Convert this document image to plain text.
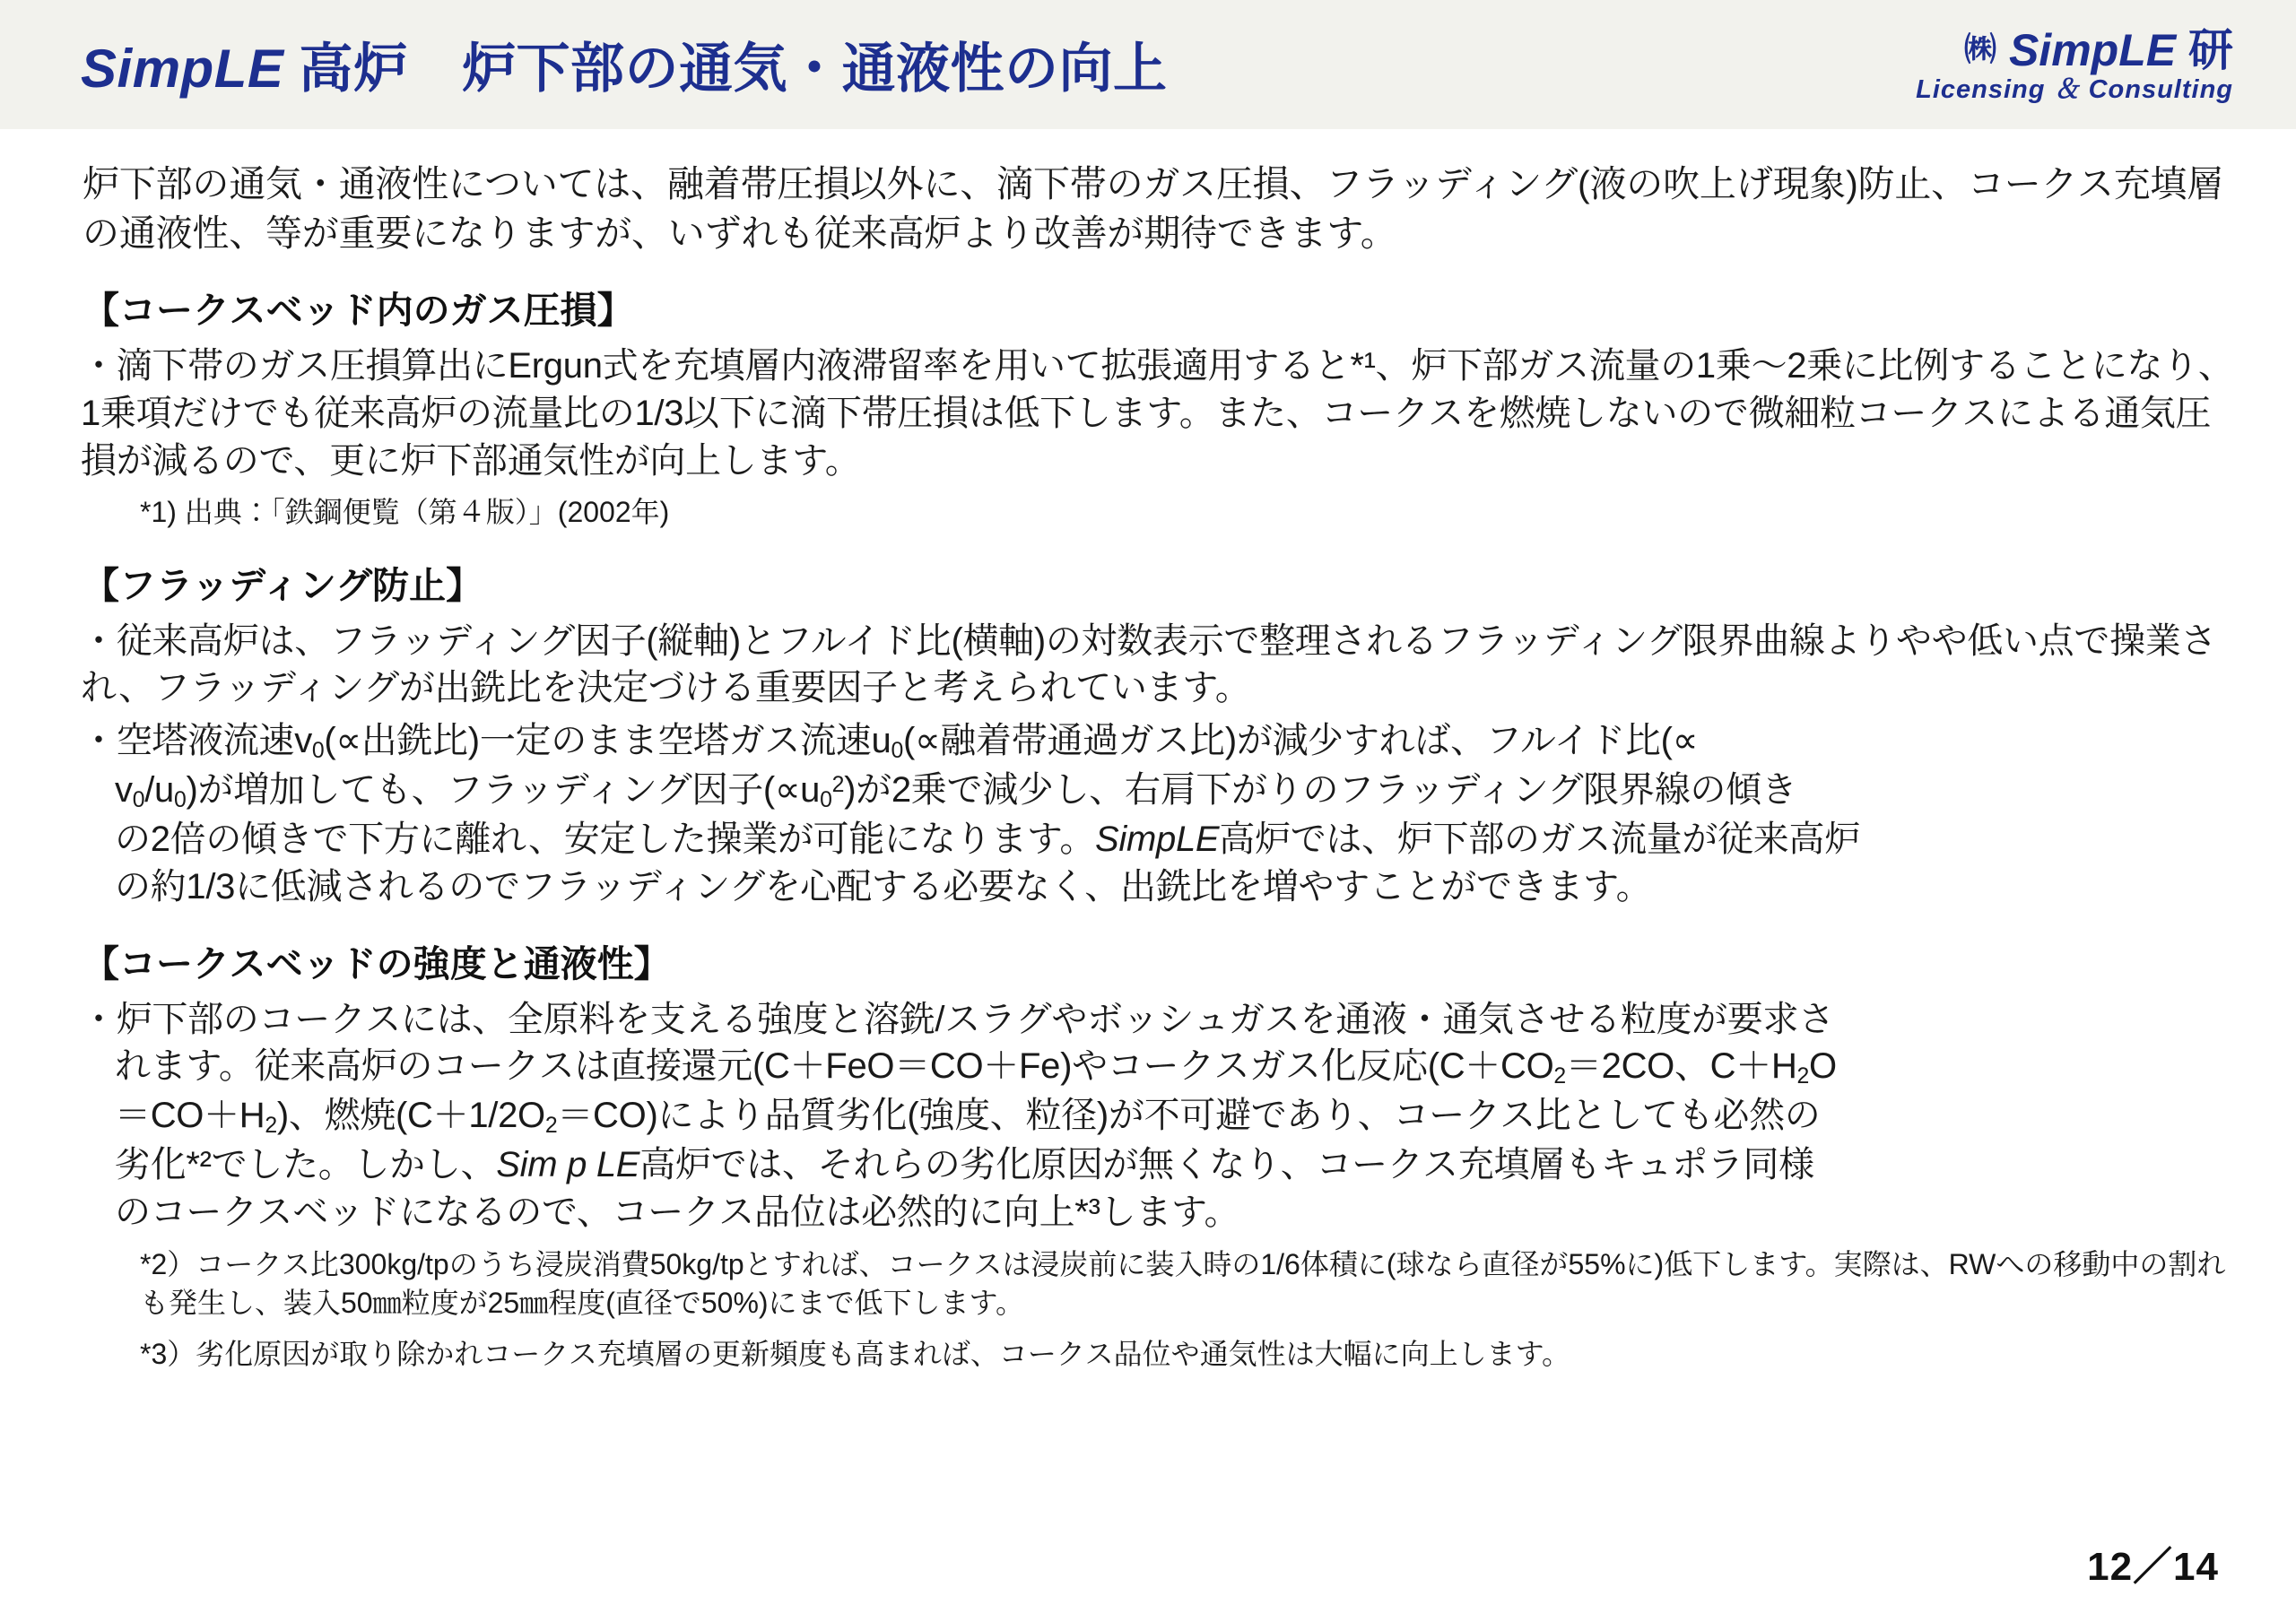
SimpLE 高炉　炉下部の通気・通液性の向上	㈱ SimpLE 研
Licensing ＆ Consulting
炉下部の通気・通液性については、融着帯圧損以外に、滴下帯のガス圧損、フラッディング(液の吹上げ現象)防止、コークス充填層の通液性、等が重要になりますが、いずれも従来高炉より改善が期待できます。
【コークスベッド内のガス圧損】
・滴下帯のガス圧損算出にErgun式を充填層内液滞留率を用いて拡張適用すると*¹、炉下部ガス流量の1乗～2乗に比例することになり、1乗項だけでも従来高炉の流量比の1/3以下に滴下帯圧損は低下します。また、コークスを燃焼しないので微細粒コークスによる通気圧損が減るので、更に炉下部通気性が向上します。
*1) 出典：「鉄鋼便覧（第４版）」(2002年)
【フラッディング防止】
・従来高炉は、フラッディング因子(縦軸)とフルイド比(横軸)の対数表示で整理されるフラッディング限界曲線よりやや低い点で操業され、フラッディングが出銑比を決定づける重要因子と考えられています。
・空塔液流速$v_0(\propto$出銑比)一定のまま空塔ガス流速$u_0(\propto$融着帯通過ガス比)が減少すれば、フルイド比(∝
$v_0/u_0$)が増加しても、フラッディング因子$(\propto u_0^2)$が2乗で減少し、右肩下がりのフラッディング限界線の傾き
の2倍の傾きで下方に離れ、安定した操業が可能になります。SimpLE高炉では、炉下部のガス流量が従来高炉
の約1/3に低減されるのでフラッディングを心配する必要なく、出銑比を増やすことができます。
【コークスベッドの強度と通液性】
・炉下部のコークスには、全原料を支える強度と溶銑/スラグやボッシュガスを通液・通気させる粒度が要求さ
れます。従来高炉のコークスは直接還元(C＋FeO＝CO＋Fe)やコークスガス化反応($C+CO_2=2CO$、$C+H_2O$
$=CO+H_2$)、燃焼$(C+1/2O_2=CO)$により品質劣化(強度、粒径)が不可避であり、コークス比としても必然の
劣化*²でした。しかし、Sim p LE高炉では、それらの劣化原因が無くなり、コークス充填層もキュポラ同様
のコークスベッドになるので、コークス品位は必然的に向上*³します。
*2）コークス比300kg/tpのうち浸炭消費50kg/tpとすれば、コークスは浸炭前に装入時の1/6体積に(球なら直径が55%に)低下します。実際は、RWへの移動中の割れも発生し、装入50㎜粒度が25㎜程度(直径で50%)にまで低下します。
*3）劣化原因が取り除かれコークス充填層の更新頻度も高まれば、コークス品位や通気性は大幅に向上します。
12／14
